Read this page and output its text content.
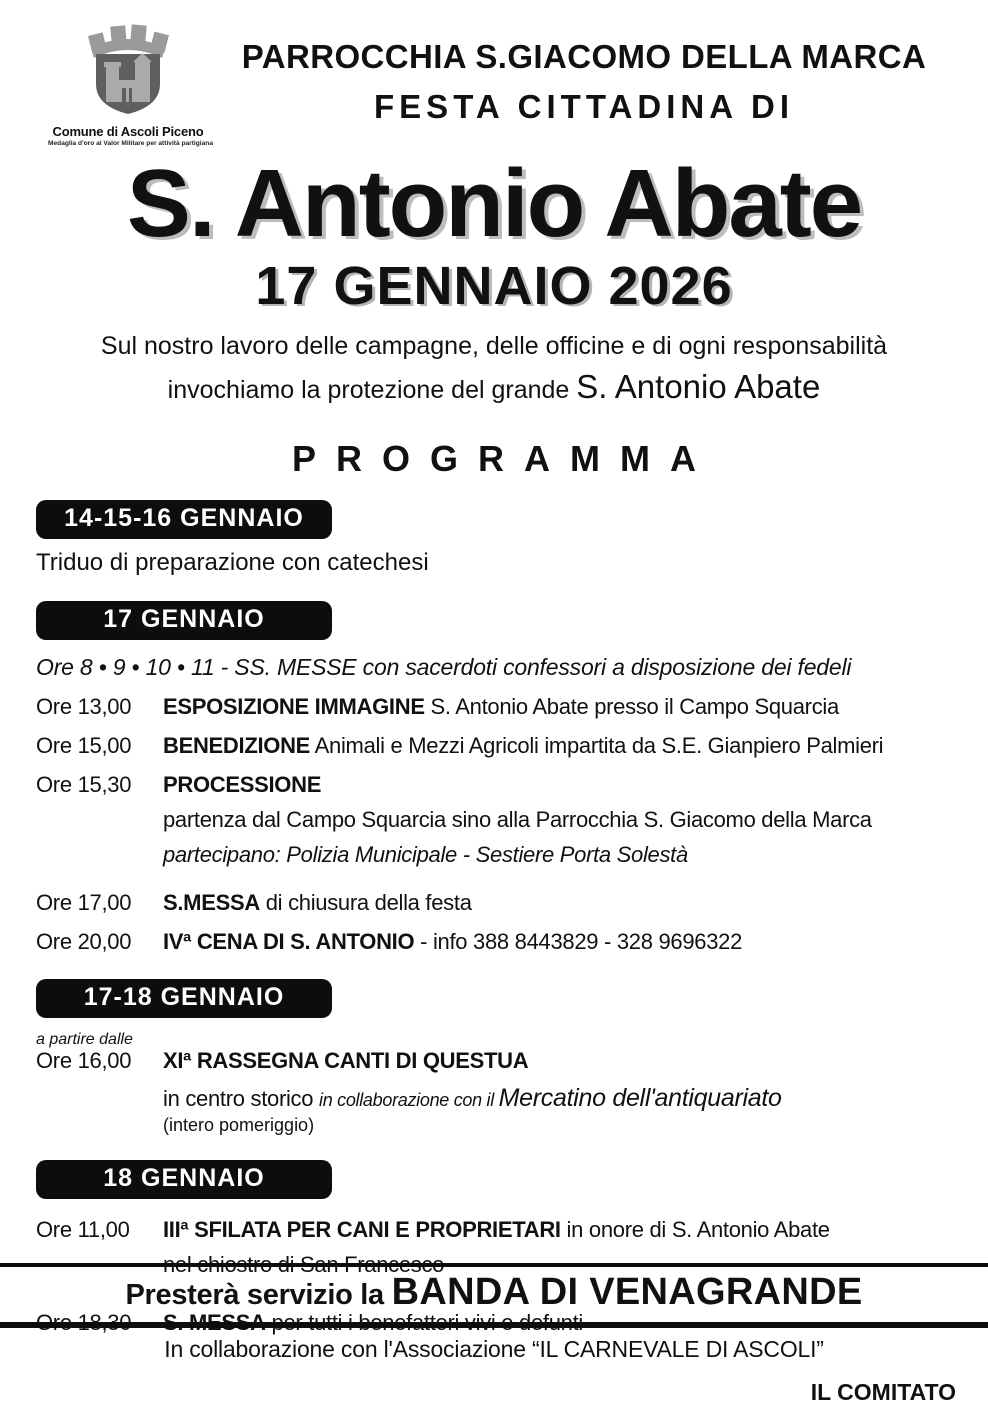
Comune di Ascoli Piceno
Medaglia d'oro al Valor Militare per attività partigiana
PARROCCHIA S.GIACOMO DELLA MARCA
FESTA CITTADINA DI
S. Antonio Abate
17 GENNAIO 2026
Sul nostro lavoro delle campagne, delle officine e di ogni responsabilità
invochiamo la protezione del grande S. Antonio Abate
PROGRAMMA
14-15-16 GENNAIO
Triduo di preparazione con catechesi
17 GENNAIO
Ore 8 • 9 • 10 • 11 - SS. MESSE con sacerdoti confessori a disposizione dei fedeli
Ore 13,00	ESPOSIZIONE IMMAGINE S. Antonio Abate presso il Campo Squarcia
Ore 15,00	BENEDIZIONE Animali e Mezzi Agricoli impartita da S.E. Gianpiero Palmieri
Ore 15,30	PROCESSIONE
partenza dal Campo Squarcia sino alla Parrocchia S. Giacomo della Marca
partecipano: Polizia Municipale - Sestiere Porta Solestà
Ore 17,00	S.MESSA di chiusura della festa
Ore 20,00	IVª CENA DI S. ANTONIO - info 388 8443829 - 328 9696322
17-18 GENNAIO
a partire dalle
Ore 16,00	XIª RASSEGNA CANTI DI QUESTUA
in centro storico in collaborazione con il Mercatino dell'antiquariato
(intero pomeriggio)
18 GENNAIO
Ore 11,00	IIIª SFILATA PER CANI E PROPRIETARI in onore di S. Antonio Abate
nel chiostro di San Francesco
Ore 18,30	S. MESSA per tutti i benefattori vivi e defunti
Presterà servizio la BANDA DI VENAGRANDE
In collaborazione con l'Associazione “IL CARNEVALE DI ASCOLI”
IL COMITATO
